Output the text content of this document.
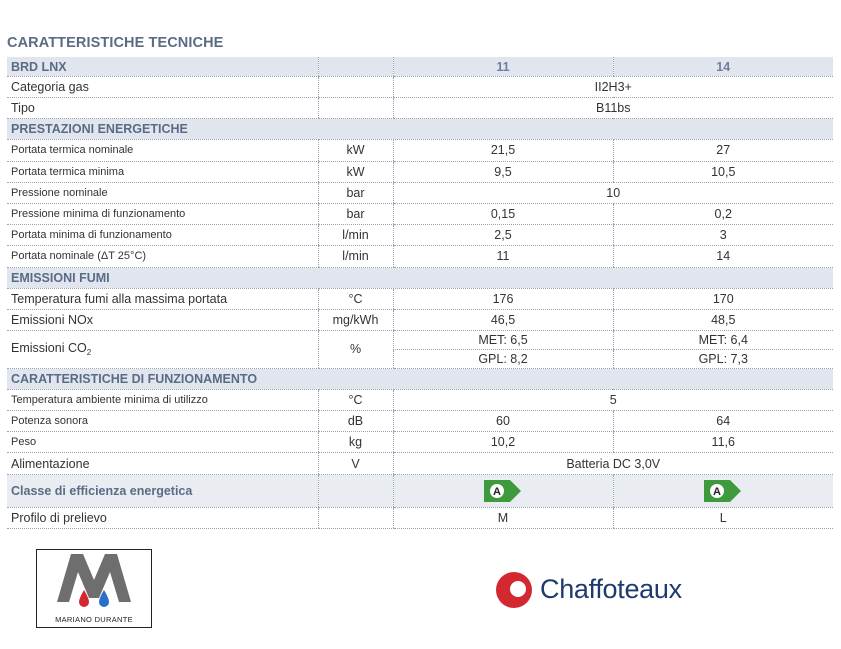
CARATTERISTICHE TECNICHE
BRD LNX		11	14
Categoria gas		II2H3+	
Tipo		B11bs	
PRESTAZIONI ENERGETICHE			
Portata termica nominale	kW	21,5	27
Portata termica minima	kW	9,5	10,5
Pressione nominale	bar	10	
Pressione minima di funzionamento	bar	0,15	0,2
Portata minima di funzionamento	l/min	2,5	3
Portata nominale (ΔT 25°C)	l/min	11	14
EMISSIONI FUMI			
Temperatura fumi alla massima portata	°C	176	170
Emissioni NOx	mg/kWh	46,5	48,5
Emissioni $CO_2$	%	MET: 6,5	MET: 6,4
		GPL: 8,2	GPL: 7,3
CARATTERISTICHE DI FUNZIONAMENTO			
Temperatura ambiente minima di utilizzo	°C	5	
Potenza sonora	dB	60	64
Peso	kg	10,2	11,6
Alimentazione	V	Batteria DC 3,0V	
Classe di efficienza energetica		A	A

Profilo di prelievo		M	L
MARIANO DURANTE
Chaffoteaux
